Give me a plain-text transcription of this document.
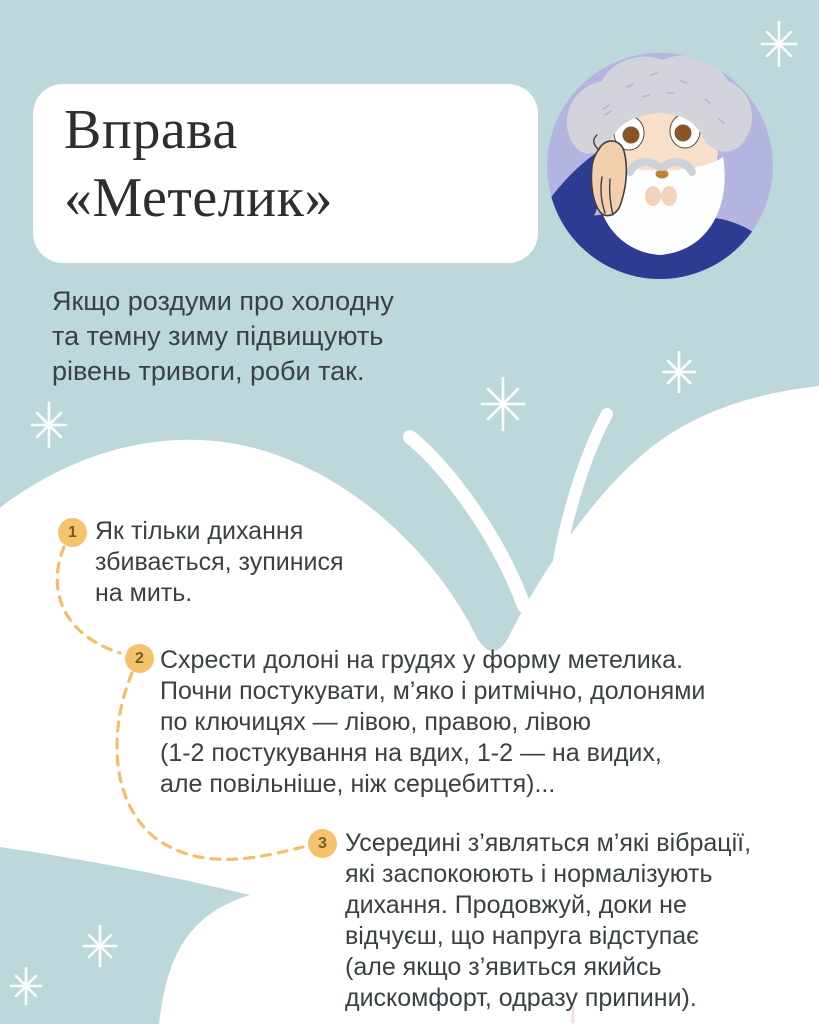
Вправа
«Метелик»
Якщо роздуми про холодну
та темну зиму підвищують
рівень тривоги, роби так.
1 Як тільки дихання
збивається, зупинися
на мить.
2 Схрести долоні на грудях у форму метелика.
Почни постукувати, м’яко і ритмічно, долонями
по ключицях — лівою, правою, лівою
(1-2 постукування на вдих, 1-2 — на видих,
але повільніше, ніж серцебиття)...
3 Усередині з’являться м’які вібрації,
які заспокоюють і нормалізують
дихання. Продовжуй, доки не
відчуєш, що напруга відступає
(але якщо з’явиться якийсь
дискомфорт, одразу припини).
